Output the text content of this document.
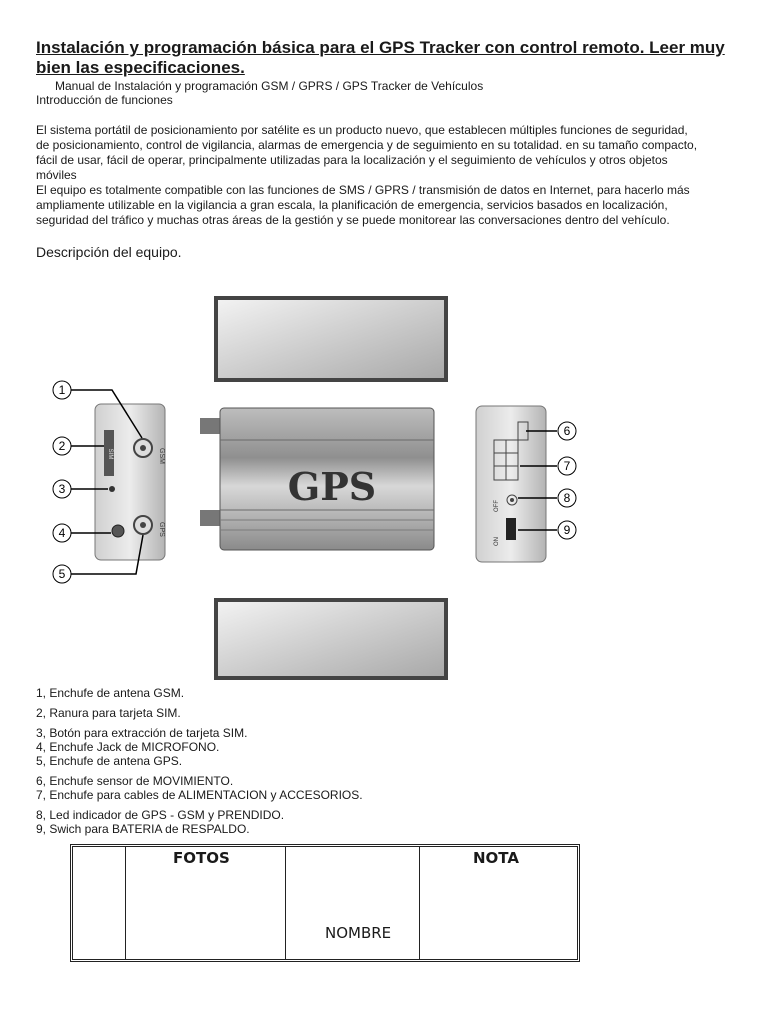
Instalación y programación básica para el GPS Tracker con control remoto. Leer muy bien las especificaciones.
Manual de Instalación y programación GSM / GPRS / GPS Tracker de Vehículos
Introducción de funciones
El sistema portátil de posicionamiento por satélite es un producto nuevo, que establecen múltiples funciones de seguridad,
de posicionamiento, control de vigilancia, alarmas de emergencia y de seguimiento en su totalidad. en su tamaño compacto,
fácil de usar, fácil de operar, principalmente utilizadas para la localización y el seguimiento de vehículos y otros objetos
móviles
El equipo es totalmente compatible con las funciones de SMS / GPRS / transmisión de datos en Internet, para hacerlo más
ampliamente utilizable en la vigilancia a gran escala, la planificación de emergencia, servicios basados en localización,
seguridad del tráfico y muchas otras áreas de la gestión y se puede monitorear las conversaciones dentro del vehículo.
Descripción del equipo.
GPS
SIM	GSM
GPS
OFF
ON
1
2
3
4
5
6
7
8
9
1, Enchufe de antena GSM.
2, Ranura para tarjeta SIM.
3, Botón para extracción de tarjeta SIM.
4, Enchufe Jack de MICROFONO.
5, Enchufe de antena GPS.
6, Enchufe sensor de MOVIMIENTO.
7, Enchufe para cables de ALIMENTACION y ACCESORIOS.
8, Led indicador de GPS - GSM y PRENDIDO.
9, Swich para BATERIA de RESPALDO.
FOTOS
NOMBRE
NOTA
